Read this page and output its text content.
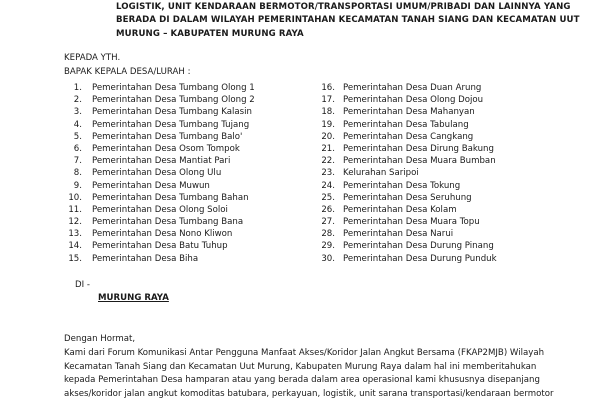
LOGISTIK, UNIT KENDARAAN BERMOTOR/TRANSPORTASI UMUM/PRIBADI DAN LAINNYA YANG
BERADA DI DALAM WILAYAH PEMERINTAHAN KECAMATAN TANAH SIANG DAN KECAMATAN UUT
MURUNG – KABUPATEN MURUNG RAYA
KEPADA YTH.
BAPAK KEPALA DESA/LURAH :
1.	Pemerintahan Desa Tumbang Olong 1
2.	Pemerintahan Desa Tumbang Olong 2
3.	Pemerintahan Desa Tumbang Kalasin
4.	Pemerintahan Desa Tumbang Tujang
5.	Pemerintahan Desa Tumbang Balo'
6.	Pemerintahan Desa Osom Tompok
7.	Pemerintahan Desa Mantiat Pari
8.	Pemerintahan Desa Olong Ulu
9.	Pemerintahan Desa Muwun
10.	Pemerintahan Desa Tumbang Bahan
11.	Pemerintahan Desa Olong Soloi
12.	Pemerintahan Desa Tumbang Bana
13.	Pemerintahan Desa Nono Kliwon
14.	Pemerintahan Desa Batu Tuhup
15.	Pemerintahan Desa Biha
16. Pemerintahan Desa Duan Arung
17. Pemerintahan Desa Olong Dojou
18. Pemerintahan Desa Mahanyan
19. Pemerintahan Desa Tabulang
20. Pemerintahan Desa Cangkang
21. Pemerintahan Desa Dirung Bakung
22. Pemerintahan Desa Muara Bumban
23. Kelurahan Saripoi
24. Pemerintahan Desa Tokung
25. Pemerintahan Desa Seruhung
26. Pemerintahan Desa Kolam
27. Pemerintahan Desa Muara Topu
28. Pemerintahan Desa Narui
29. Pemerintahan Desa Durung Pinang
30. Pemerintahan Desa Durung Punduk
DI -
MURUNG RAYA
Dengan Hormat,
Kami dari Forum Komunikasi Antar Pengguna Manfaat Akses/Koridor Jalan Angkut Bersama (FKAP2MJB) Wilayah
Kecamatan Tanah Siang dan Kecamatan Uut Murung, Kabupaten Murung Raya dalam hal ini memberitahukan
kepada Pemerintahan Desa hamparan atau yang berada dalam area operasional kami khususnya disepanjang
akses/koridor jalan angkut komoditas batubara, perkayuan, logistik, unit sarana transportasi/kendaraan bermotor
